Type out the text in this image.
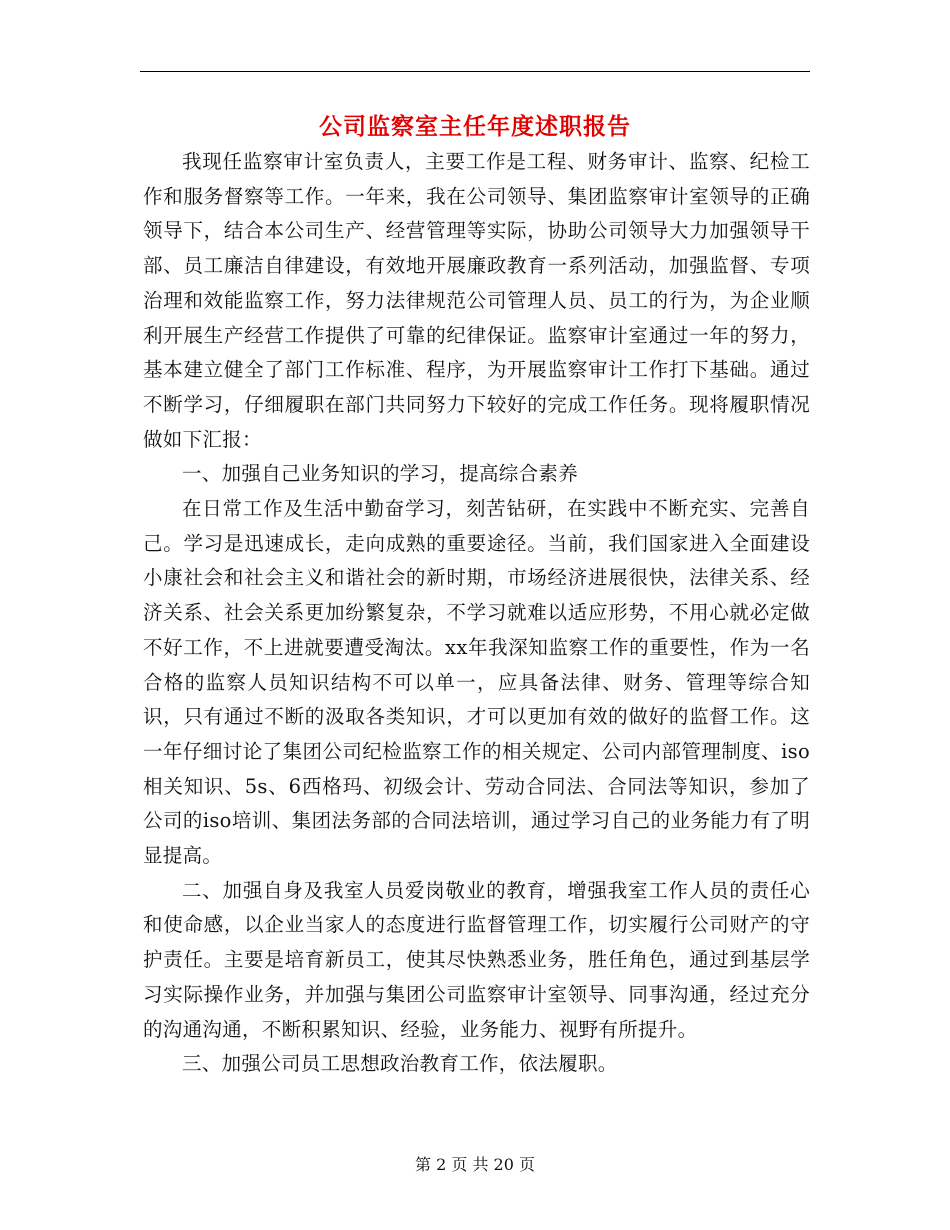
公司监察室主任年度述职报告

我现任监察审计室负责人，主要工作是工程、财务审计、监察、纪检工作和服务督察等工作。一年来，我在公司领导、集团监察审计室领导的正确领导下，结合本公司生产、经营管理等实际，协助公司领导大力加强领导干部、员工廉洁自律建设，有效地开展廉政教育一系列活动，加强监督、专项治理和效能监察工作，努力法律规范公司管理人员、员工的行为，为企业顺利开展生产经营工作提供了可靠的纪律保证。监察审计室通过一年的努力，基本建立健全了部门工作标准、程序，为开展监察审计工作打下基础。通过不断学习，仔细履职在部门共同努力下较好的完成工作任务。现将履职情况做如下汇报：

一、加强自己业务知识的学习，提高综合素养

在日常工作及生活中勤奋学习，刻苦钻研，在实践中不断充实、完善自己。学习是迅速成长，走向成熟的重要途径。当前，我们国家进入全面建设小康社会和社会主义和谐社会的新时期，市场经济进展很快，法律关系、经济关系、社会关系更加纷繁复杂，不学习就难以适应形势，不用心就必定做不好工作，不上进就要遭受淘汰。xx年我深知监察工作的重要性，作为一名合格的监察人员知识结构不可以单一，应具备法律、财务、管理等综合知识，只有通过不断的汲取各类知识，才可以更加有效的做好的监督工作。这一年仔细讨论了集团公司纪检监察工作的相关规定、公司内部管理制度、iso相关知识、5s、6西格玛、初级会计、劳动合同法、合同法等知识，参加了公司的iso培训、集团法务部的合同法培训，通过学习自己的业务能力有了明显提高。

二、加强自身及我室人员爱岗敬业的教育，增强我室工作人员的责任心和使命感，以企业当家人的态度进行监督管理工作，切实履行公司财产的守护责任。主要是培育新员工，使其尽快熟悉业务，胜任角色，通过到基层学习实际操作业务，并加强与集团公司监察审计室领导、同事沟通，经过充分的沟通沟通，不断积累知识、经验，业务能力、视野有所提升。

三、加强公司员工思想政治教育工作，依法履职。

第 2 页 共 20 页
